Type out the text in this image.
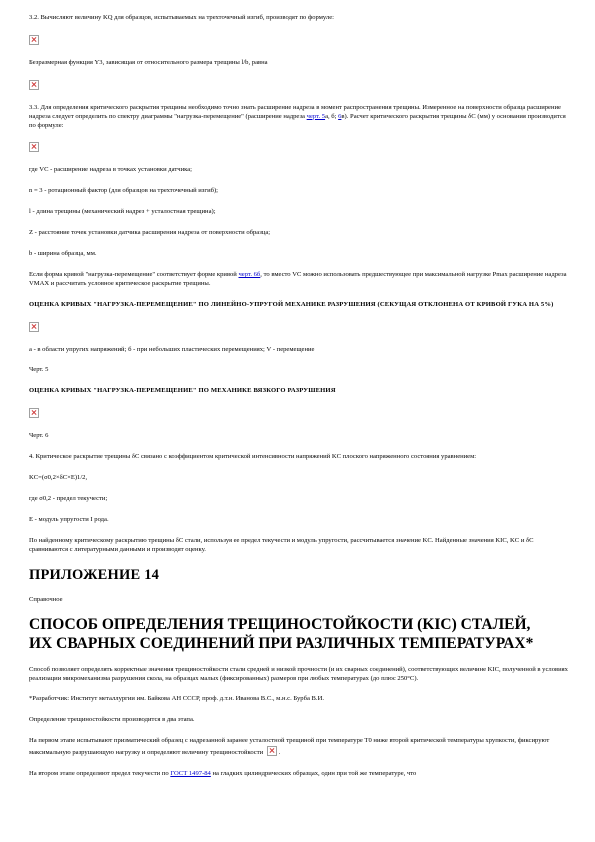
3.2. Вычисляют величину KQ для образцов, испытываемых на трехточечный изгиб, производят по формуле:

Безразмерная функция Y3, зависящая от относительного размера трещины l/b, равна

3.3. Для определения критического раскрытия трещины необходимо точно знать расширение надреза в момент распространения трещины. Измеренное на поверхности образца расширение надреза следует определить по спектру диаграммы "нагрузка-перемещение" (расширение надреза черт. 5а, б; 6в). Расчет критического раскрытия трещины δC (мм) у основания производится по формуле:

где VC - расширение надреза в точках установки датчика;

n = 3 - ротационный фактор (для образцов на трехточечный изгиб);

l - длина трещины (механический надрез + усталостная трещина);

Z - расстояние точек установки датчика расширения надреза от поверхности образца;

b - ширина образца, мм.

Если форма кривой "нагрузка-перемещение" соответствует форме кривой черт. 6б, то вместо VC можно использовать предшествующее при максимальной нагрузке Pmax расширение надреза VMAX и рассчитать условное критическое раскрытие трещины.

ОЦЕНКА КРИВЫХ "НАГРУЗКА-ПЕРЕМЕЩЕНИЕ" ПО ЛИНЕЙНО-УПРУГОЙ МЕХАНИКЕ РАЗРУШЕНИЯ (СЕКУЩАЯ ОТКЛОНЕНА ОТ КРИВОЙ ГУКА НА 5%)

а - в области упругих напряжений; б - при небольших пластических перемещениях; V - перемещение

Черт. 5

ОЦЕНКА КРИВЫХ "НАГРУЗКА-ПЕРЕМЕЩЕНИЕ" ПО МЕХАНИКЕ ВЯЗКОГО РАЗРУШЕНИЯ

Черт. 6

4. Критическое раскрытие трещины δC связано с коэффициентом критической интенсивности напряжений KC плоского напряженного состояния уравнением:

KC=(σ0,2×δC×E)1/2,

где σ0,2 - предел текучести;

E - модуль упругости I рода.

По найденному критическому раскрытию трещины δC стали, используя ее предел текучести и модуль упругости, рассчитывается значение KC. Найденные значения KIC, KC и δC сравниваются с литературными данными и производят оценку.

ПРИЛОЖЕНИЕ 14

Справочное

СПОСОБ ОПРЕДЕЛЕНИЯ ТРЕЩИНОСТОЙКОСТИ (KIC) СТАЛЕЙ, ИХ СВАРНЫХ СОЕДИНЕНИЙ ПРИ РАЗЛИЧНЫХ ТЕМПЕРАТУРАХ*

Способ позволяет определять корректные значения трещиностойкости стали средней и низкой прочности (и их сварных соединений), соответствующих величине KIC, полученной в условиях реализации микромеханизма разрушения скола, на образцах малых (фиксированных) размеров при любых температурах (до плюс 250°С).

*Разработчик: Институт металлургии им. Байкова АН СССР, проф. д.т.н. Иванова В.С., м.н.с. Бурба В.И.

Определение трещиностойкости производится в два этапа.

На первом этапе испытывают призматический образец с надрезанной заранее усталостной трещиной при температуре Т0 ниже второй критической температуры хрупкости, фиксируют максимальную разрушающую нагрузку и определяют величину трещиностойкости .

На втором этапе определяют предел текучести по ГОСТ 1497-84 на гладких цилиндрических образцах, один при той же температуре, что
